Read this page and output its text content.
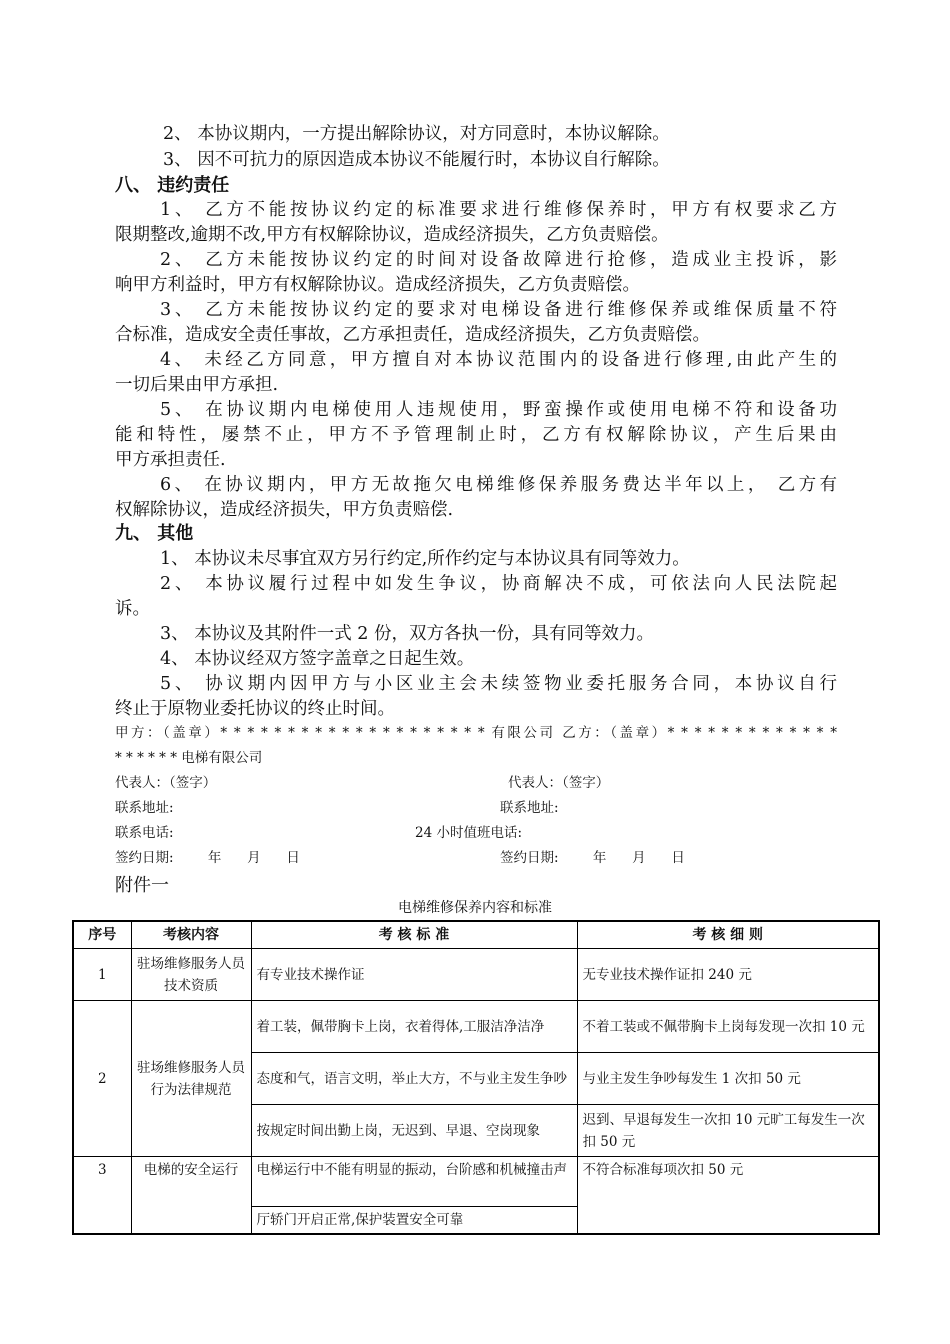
2、 本协议期内，一方提出解除协议，对方同意时，本协议解除。
3、 因不可抗力的原因造成本协议不能履行时，本协议自行解除。
八、 违约责任
1、 乙方不能按协议约定的标准要求进行维修保养时，甲方有权要求乙方
限期整改,逾期不改,甲方有权解除协议，造成经济损失，乙方负责赔偿。
2、 乙方未能按协议约定的时间对设备故障进行抢修，造成业主投诉，影
响甲方利益时，甲方有权解除协议。造成经济损失，乙方负责赔偿。
3、 乙方未能按协议约定的要求对电梯设备进行维修保养或维保质量不符
合标准，造成安全责任事故，乙方承担责任，造成经济损失，乙方负责赔偿。
4、 未经乙方同意，甲方擅自对本协议范围内的设备进行修理,由此产生的
一切后果由甲方承担.
5、 在协议期内电梯使用人违规使用，野蛮操作或使用电梯不符和设备功
能和特性，屡禁不止，甲方不予管理制止时，乙方有权解除协议，产生后果由
甲方承担责任.
6、 在协议期内，甲方无故拖欠电梯维修保养服务费达半年以上， 乙方有
权解除协议，造成经济损失，甲方负责赔偿.
九、 其他
1、 本协议未尽事宜双方另行约定,所作约定与本协议具有同等效力。
2、 本协议履行过程中如发生争议，协商解决不成，可依法向人民法院起
诉。
3、 本协议及其附件一式 2 份，双方各执一份，具有同等效力。
4、 本协议经双方签字盖章之日起生效。
5、 协议期内因甲方与小区业主会未续签物业委托服务合同，本协议自行
终止于原物业委托协议的终止时间。
甲方：（盖章）* * * * * * * * * * * * * * * * * * * * 有限公司 乙方：（盖章）* * * * * * * * * * * * *
* * * * * * 电梯有限公司
代表人：（签字）	代表人：（签字）
联系地址:	联系地址:
联系电话:	24 小时值班电话:
签约日期:        年      月      日	签约日期:        年      月      日
附件一
电梯维修保养内容和标准
序号	考核内容	考 核 标 准	考 核 细 则
1	驻场维修服务人员技术资质	有专业技术操作证	无专业技术操作证扣 240 元
2	驻场维修服务人员行为法律规范	着工装，佩带胸卡上岗，衣着得体,工服洁净洁净	不着工装或不佩带胸卡上岗每发现一次扣 10 元
		态度和气，语言文明，举止大方，不与业主发生争吵	与业主发生争吵每发生 1 次扣 50 元
		按规定时间出勤上岗，无迟到、早退、空岗现象	迟到、早退每发生一次扣 10 元旷工每发生一次扣 50 元
3	电梯的安全运行	电梯运行中不能有明显的振动，台阶感和机械撞击声	不符合标准每项次扣 50 元
		厅轿门开启正常,保护装置安全可靠	
